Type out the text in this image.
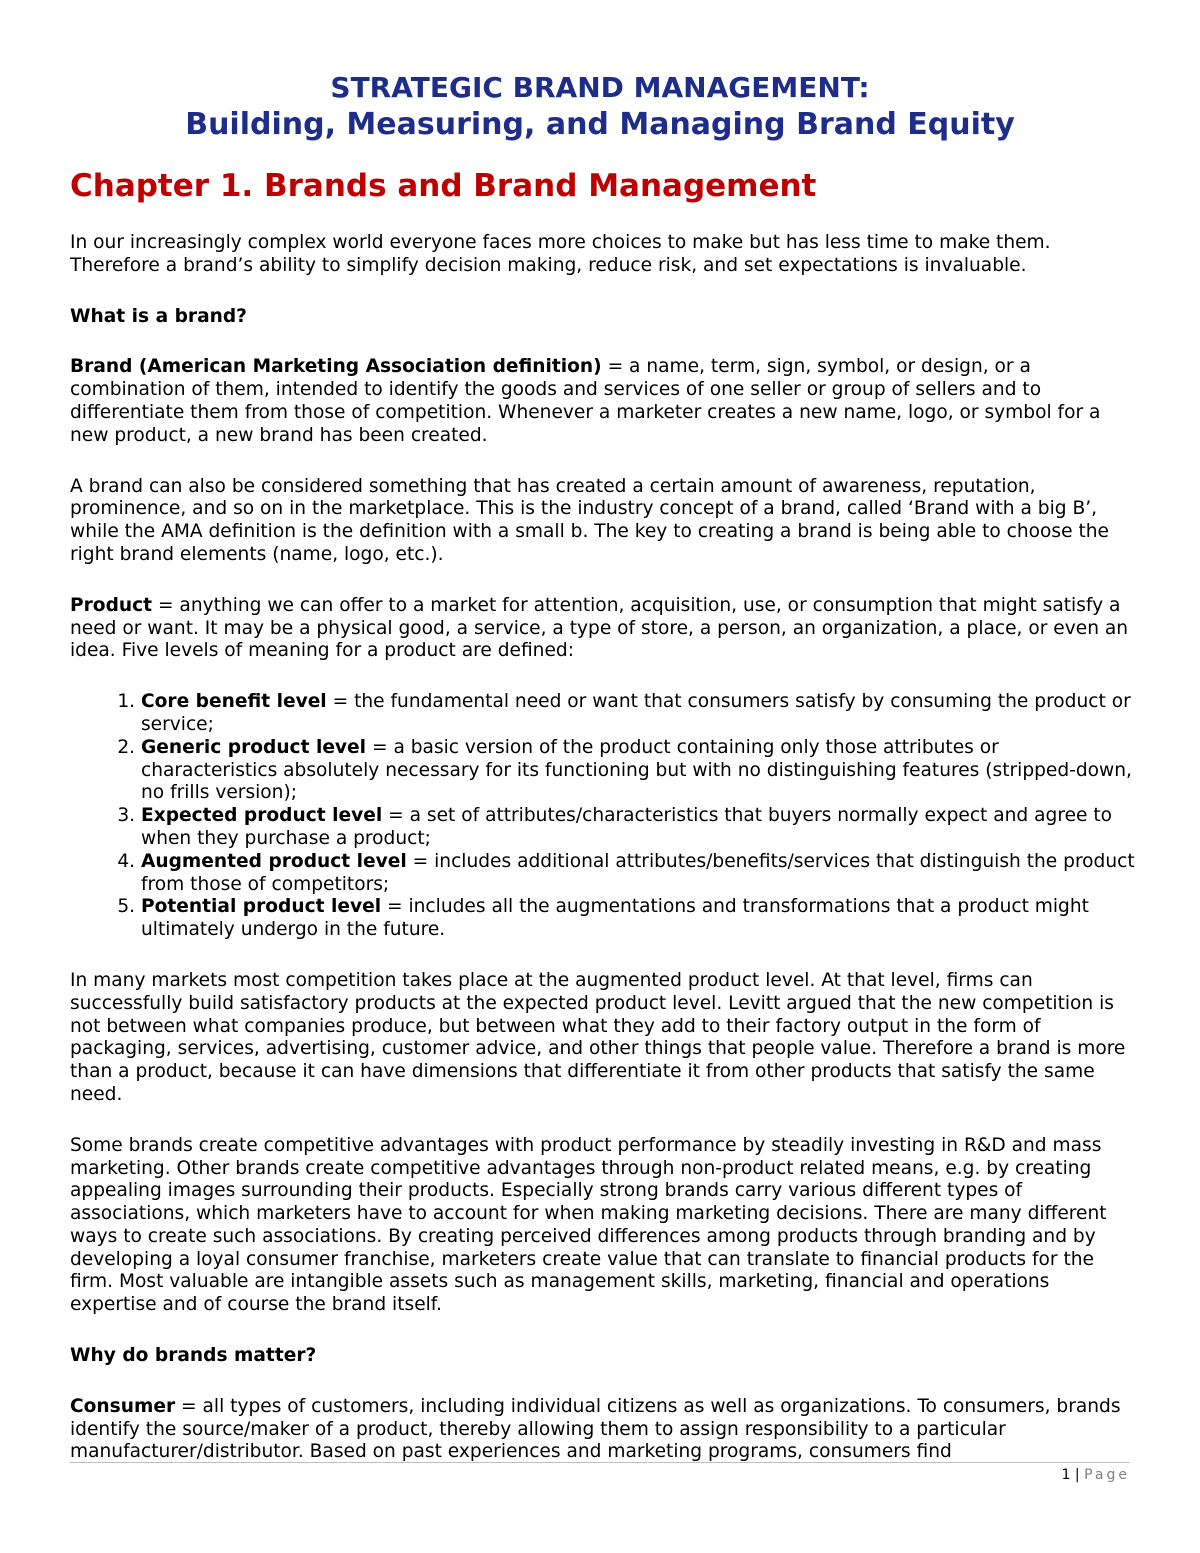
STRATEGIC BRAND MANAGEMENT:
Building, Measuring, and Managing Brand Equity
Chapter 1. Brands and Brand Management

In our increasingly complex world everyone faces more choices to make but has less time to make them. Therefore a brand’s ability to simplify decision making, reduce risk, and set expectations is invaluable.

What is a brand?

Brand (American Marketing Association definition) = a name, term, sign, symbol, or design, or a combination of them, intended to identify the goods and services of one seller or group of sellers and to differentiate them from those of competition. Whenever a marketer creates a new name, logo, or symbol for a new product, a new brand has been created.

A brand can also be considered something that has created a certain amount of awareness, reputation, prominence, and so on in the marketplace. This is the industry concept of a brand, called ‘Brand with a big B’, while the AMA definition is the definition with a small b. The key to creating a brand is being able to choose the right brand elements (name, logo, etc.).

Product = anything we can offer to a market for attention, acquisition, use, or consumption that might satisfy a need or want. It may be a physical good, a service, a type of store, a person, an organization, a place, or even an idea. Five levels of meaning for a product are defined:

1. Core benefit level = the fundamental need or want that consumers satisfy by consuming the product or service;
2. Generic product level = a basic version of the product containing only those attributes or characteristics absolutely necessary for its functioning but with no distinguishing features (stripped-down, no frills version);
3. Expected product level = a set of attributes/characteristics that buyers normally expect and agree to when they purchase a product;
4. Augmented product level = includes additional attributes/benefits/services that distinguish the product from those of competitors;
5. Potential product level = includes all the augmentations and transformations that a product might ultimately undergo in the future.

In many markets most competition takes place at the augmented product level. At that level, firms can successfully build satisfactory products at the expected product level. Levitt argued that the new competition is not between what companies produce, but between what they add to their factory output in the form of packaging, services, advertising, customer advice, and other things that people value. Therefore a brand is more than a product, because it can have dimensions that differentiate it from other products that satisfy the same need.

Some brands create competitive advantages with product performance by steadily investing in R&D and mass marketing. Other brands create competitive advantages through non-product related means, e.g. by creating appealing images surrounding their products. Especially strong brands carry various different types of associations, which marketers have to account for when making marketing decisions. There are many different ways to create such associations. By creating perceived differences among products through branding and by developing a loyal consumer franchise, marketers create value that can translate to financial products for the firm. Most valuable are intangible assets such as management skills, marketing, financial and operations expertise and of course the brand itself.

Why do brands matter?

Consumer = all types of customers, including individual citizens as well as organizations. To consumers, brands identify the source/maker of a product, thereby allowing them to assign responsibility to a particular manufacturer/distributor. Based on past experiences and marketing programs, consumers find

1 | Page
